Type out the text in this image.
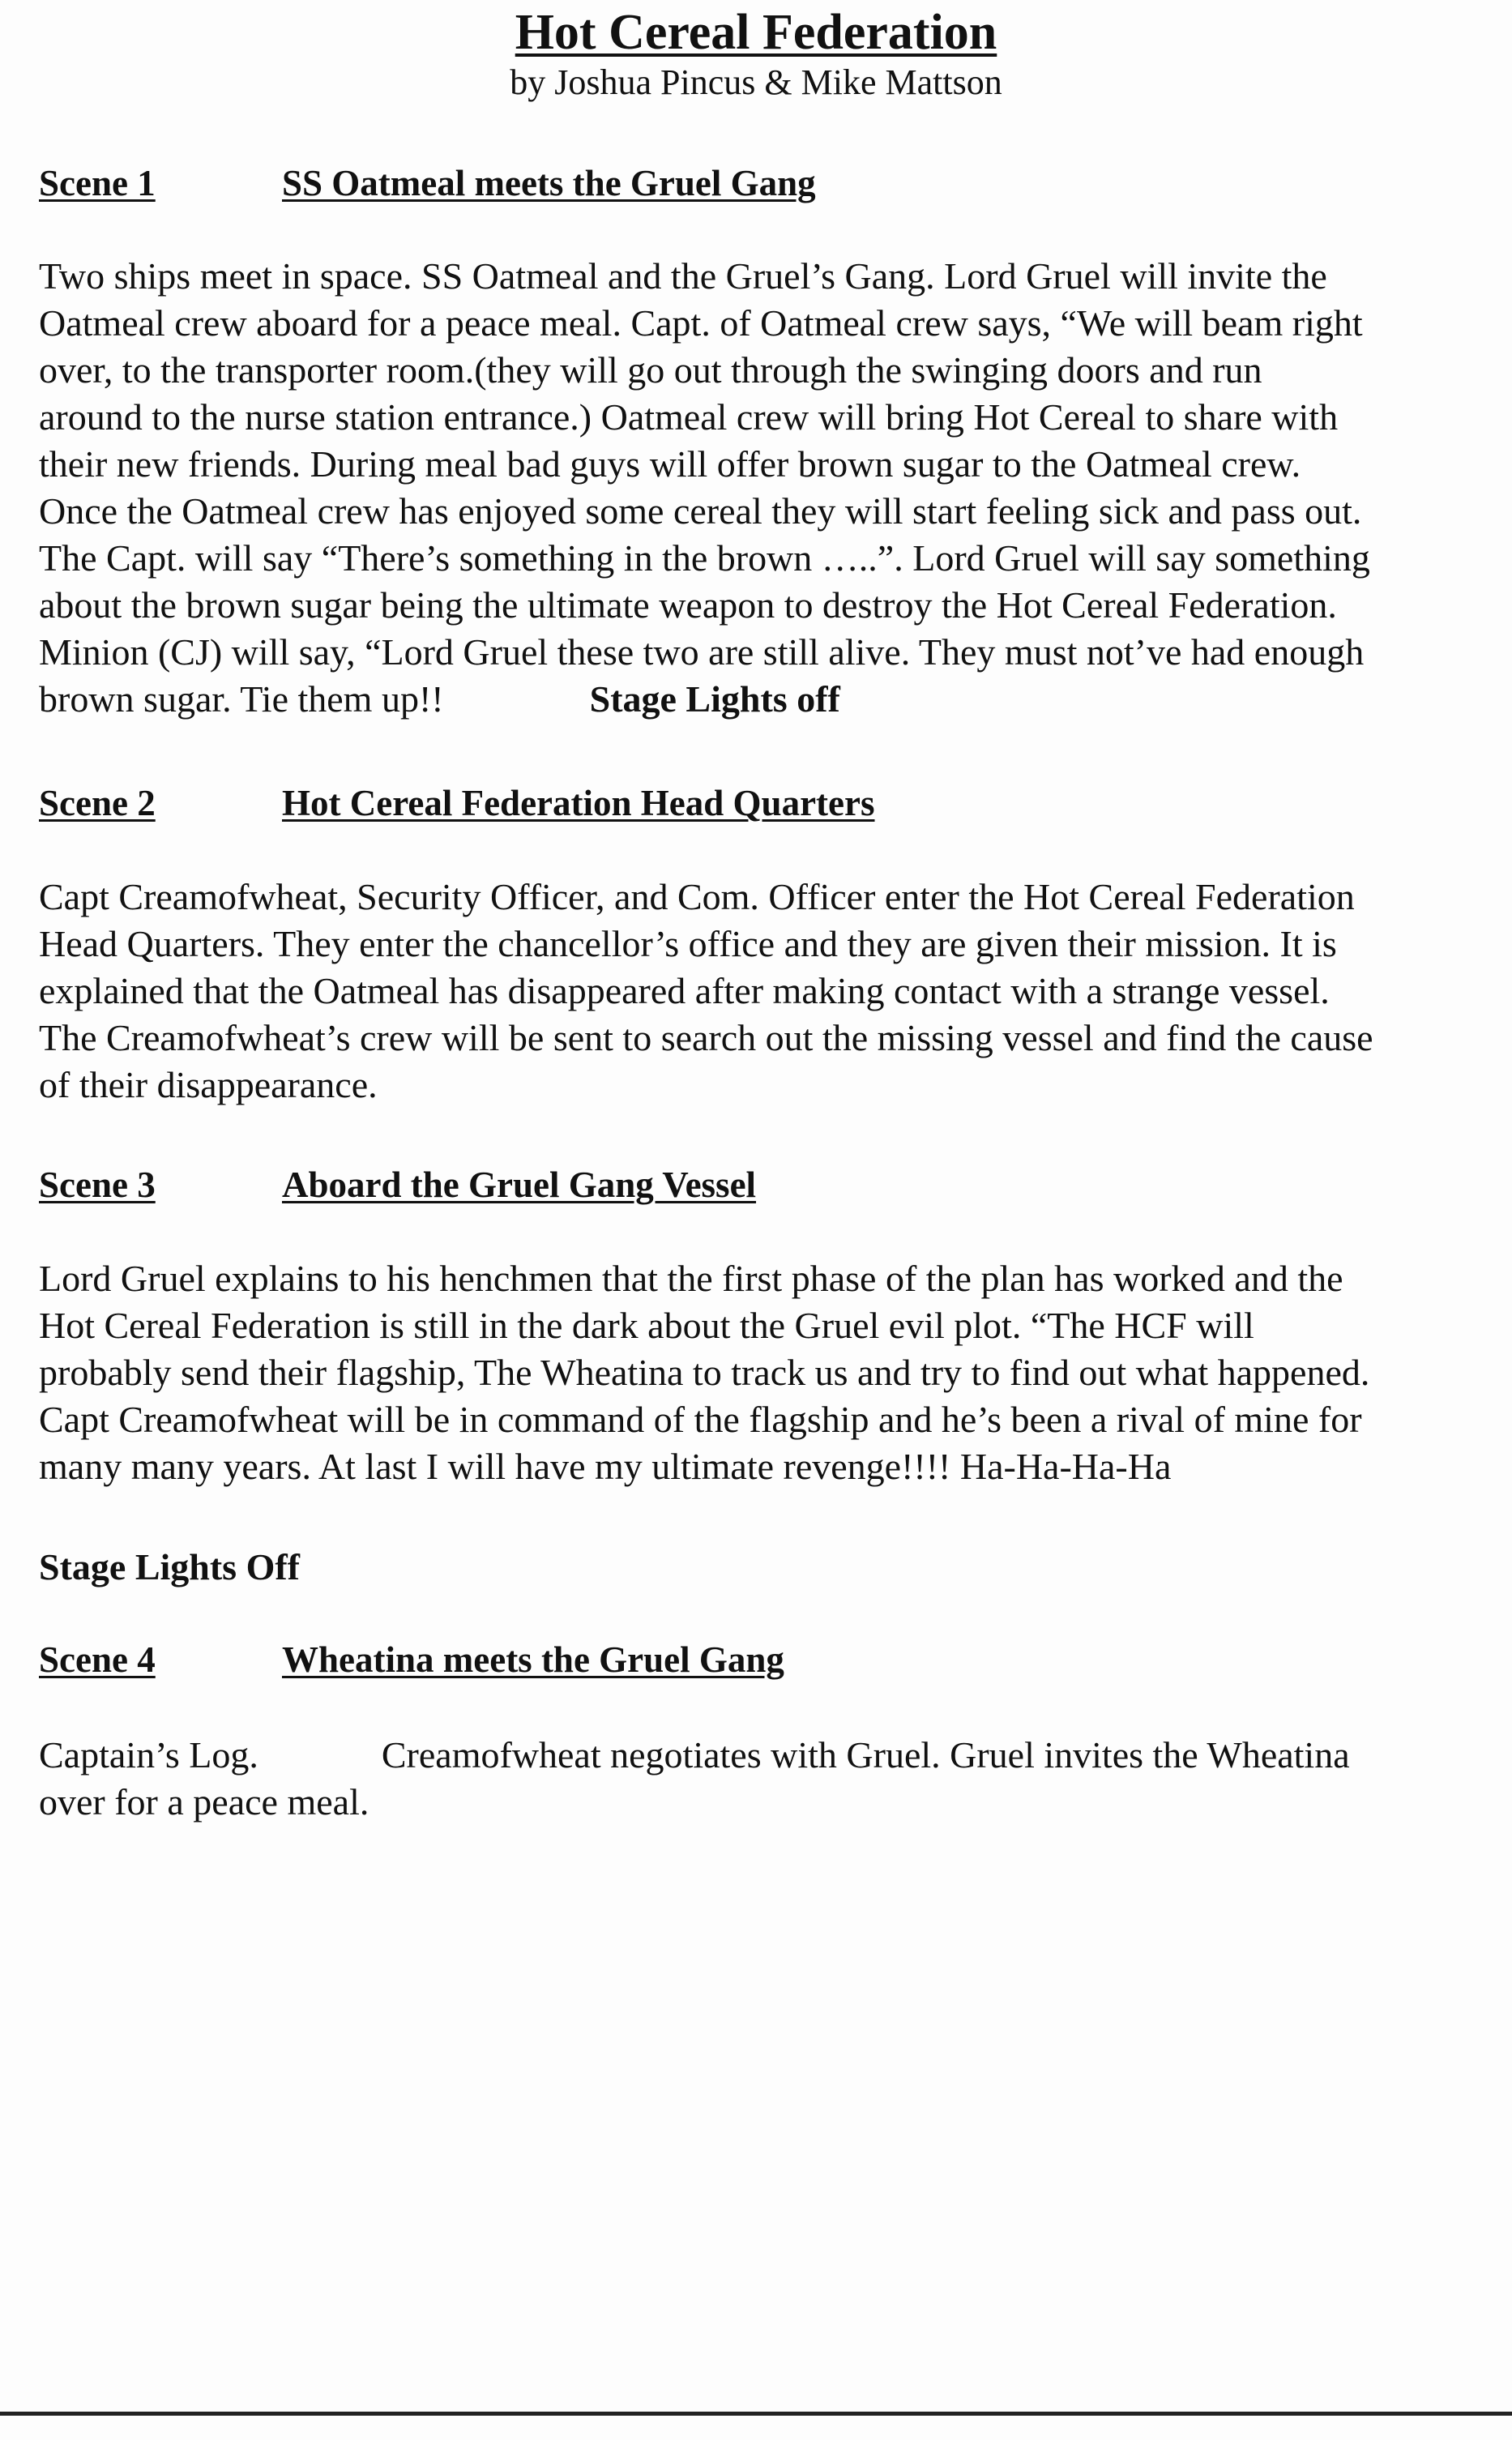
Hot Cereal Federation

by Joshua Pincus & Mike Mattson

Scene 1	SS Oatmeal meets the Gruel Gang
Two ships meet in space. SS Oatmeal and the Gruel’s Gang. Lord Gruel will invite the
Oatmeal crew aboard for a peace meal. Capt. of Oatmeal crew says, “We will beam right
over, to the transporter room.(they will go out through the swinging doors and run
around to the nurse station entrance.) Oatmeal crew will bring Hot Cereal to share with
their new friends. During meal bad guys will offer brown sugar to the Oatmeal crew.
Once the Oatmeal crew has enjoyed some cereal they will start feeling sick and pass out.
The Capt. will say “There’s something in the brown …..”. Lord Gruel will say something
about the brown sugar being the ultimate weapon to destroy the Hot Cereal Federation.
Minion (CJ) will say, “Lord Gruel these two are still alive. They must not’ve had enough
brown sugar. Tie them up!!	Stage Lights off
Scene 2	Hot Cereal Federation Head Quarters
Capt Creamofwheat, Security Officer, and Com. Officer enter the Hot Cereal Federation
Head Quarters. They enter the chancellor’s office and they are given their mission. It is
explained that the Oatmeal has disappeared after making contact with a strange vessel.
The Creamofwheat’s crew will be sent to search out the missing vessel and find the cause
of their disappearance.
Scene 3	Aboard the Gruel Gang Vessel
Lord Gruel explains to his henchmen that the first phase of the plan has worked and the
Hot Cereal Federation is still in the dark about the Gruel evil plot. “The HCF will
probably send their flagship, The Wheatina to track us and try to find out what happened.
Capt Creamofwheat will be in command of the flagship and he’s been a rival of mine for
many many years. At last I will have my ultimate revenge!!!! Ha-Ha-Ha-Ha
Stage Lights Off
Scene 4	Wheatina meets the Gruel Gang
Captain’s Log.	Creamofwheat negotiates with Gruel. Gruel invites the Wheatina
over for a peace meal.
